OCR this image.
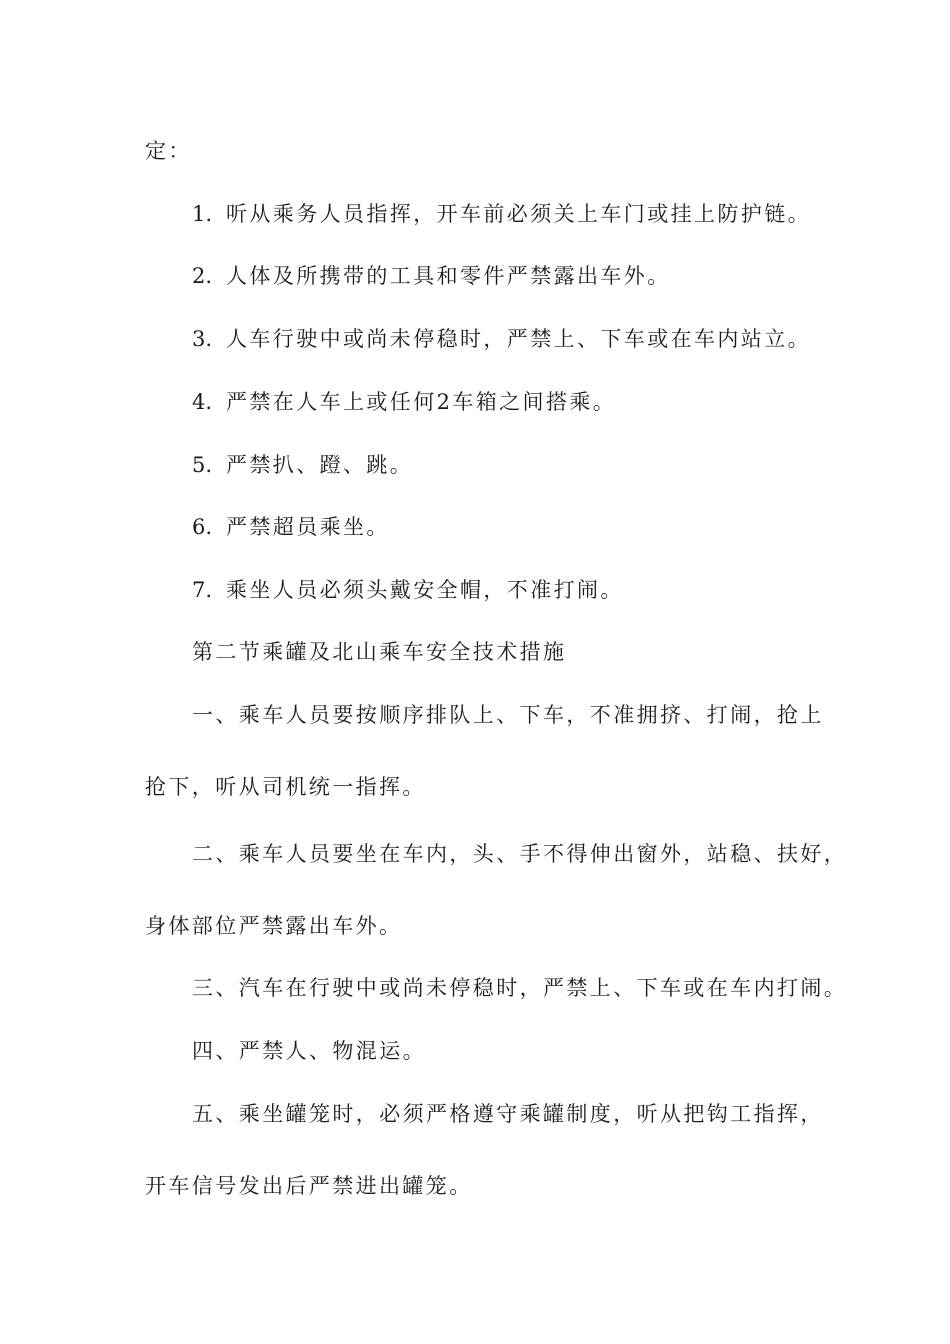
定：
1. 听从乘务人员指挥，开车前必须关上车门或挂上防护链。
2. 人体及所携带的工具和零件严禁露出车外。
3. 人车行驶中或尚未停稳时，严禁上、下车或在车内站立。
4. 严禁在人车上或任何2车箱之间搭乘。
5. 严禁扒、蹬、跳。
6. 严禁超员乘坐。
7. 乘坐人员必须头戴安全帽，不准打闹。
第二节乘罐及北山乘车安全技术措施
一、乘车人员要按顺序排队上、下车，不准拥挤、打闹，抢上
抢下，听从司机统一指挥。
二、乘车人员要坐在车内，头、手不得伸出窗外，站稳、扶好，
身体部位严禁露出车外。
三、汽车在行驶中或尚未停稳时，严禁上、下车或在车内打闹。
四、严禁人、物混运。
五、乘坐罐笼时，必须严格遵守乘罐制度，听从把钩工指挥，
开车信号发出后严禁进出罐笼。
